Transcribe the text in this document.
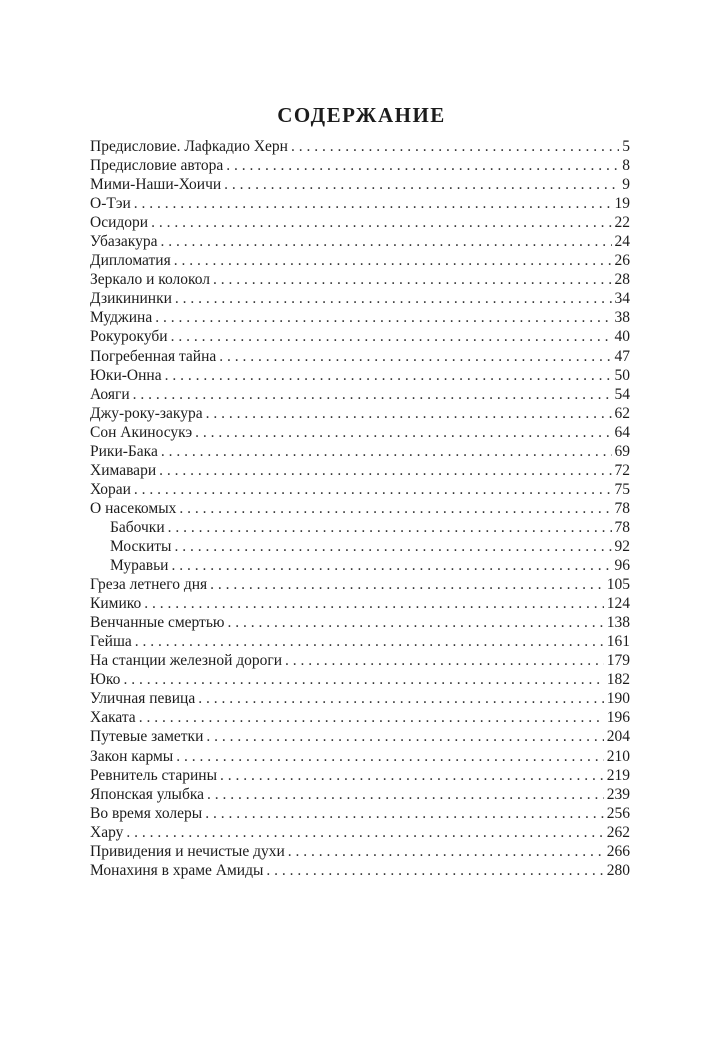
СОДЕРЖАНИЕ
Предисловие. Лафкадио Херн . . .	5
Предисловие автора . . .	8
Мими-Наши-Хоичи . . .	9
О-Тэи . . .	19
Осидори . . .	22
Убазакура . . .	24
Дипломатия . . .	26
Зеркало и колокол . . .	28
Дзикининки . . .	34
Муджина . . .	38
Рокурокуби . . .	40
Погребенная тайна . . .	47
Юки-Онна . . .	50
Аояги . . .	54
Джу-року-закура . . .	62
Сон Акиносукэ . . .	64
Рики-Бака . . .	69
Химавари . . .	72
Хораи . . .	75
О насекомых . . .	78
Бабочки . . .	78
Москиты . . .	92
Муравьи . . .	96
Греза летнего дня . . .	105
Кимико . . .	124
Венчанные смертью . . .	138
Гейша . . .	161
На станции железной дороги . . .	179
Юко . . .	182
Уличная певица . . .	190
Хаката . . .	196
Путевые заметки . . .	204
Закон кармы . . .	210
Ревнитель старины . . .	219
Японская улыбка . . .	239
Во время холеры . . .	256
Хару . . .	262
Привидения и нечистые духи . . .	266
Монахиня в храме Амиды . . .	280
